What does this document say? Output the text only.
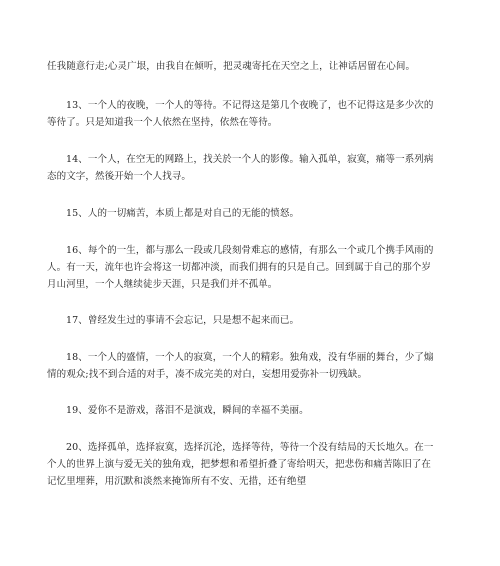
任我随意行走;心灵广垠，由我自在倾听，把灵魂寄托在天空之上，让神话居留在心间。

13、一个人的夜晚，一个人的等待。不记得这是第几个夜晚了，也不记得这是多少次的等待了。只是知道我一个人依然在坚持，依然在等待。

14、一个人，在空无的网路上，找关於一个人的影像。输入孤单，寂寞，痛等一系列病态的文字，然後开始一个人找寻。

15、人的一切痛苦，本质上都是对自己的无能的愤怒。

16、每个的一生，都与那么一段或几段刻骨难忘的感情，有那么一个或几个携手风雨的人。有一天，流年也许会将这一切都冲淡，而我们拥有的只是自己。回到属于自己的那个岁月山河里，一个人继续徒步天涯，只是我们并不孤单。

17、曾经发生过的事请不会忘记，只是想不起来而已。

18、一个人的盛情，一个人的寂寞，一个人的精彩。独角戏，没有华丽的舞台，少了煽情的观众;找不到合适的对手，凑不成完美的对白，妄想用爱弥补一切残缺。

19、爱你不是游戏，落泪不是演戏，瞬间的幸福不美丽。

20、选择孤单，选择寂寞，选择沉沦，选择等待，等待一个没有结局的天长地久。在一个人的世界上演与爱无关的独角戏，把梦想和希望折叠了寄给明天，把悲伤和痛苦陈旧了在记忆里埋葬，用沉默和淡然来掩饰所有不安、无措，还有绝望
